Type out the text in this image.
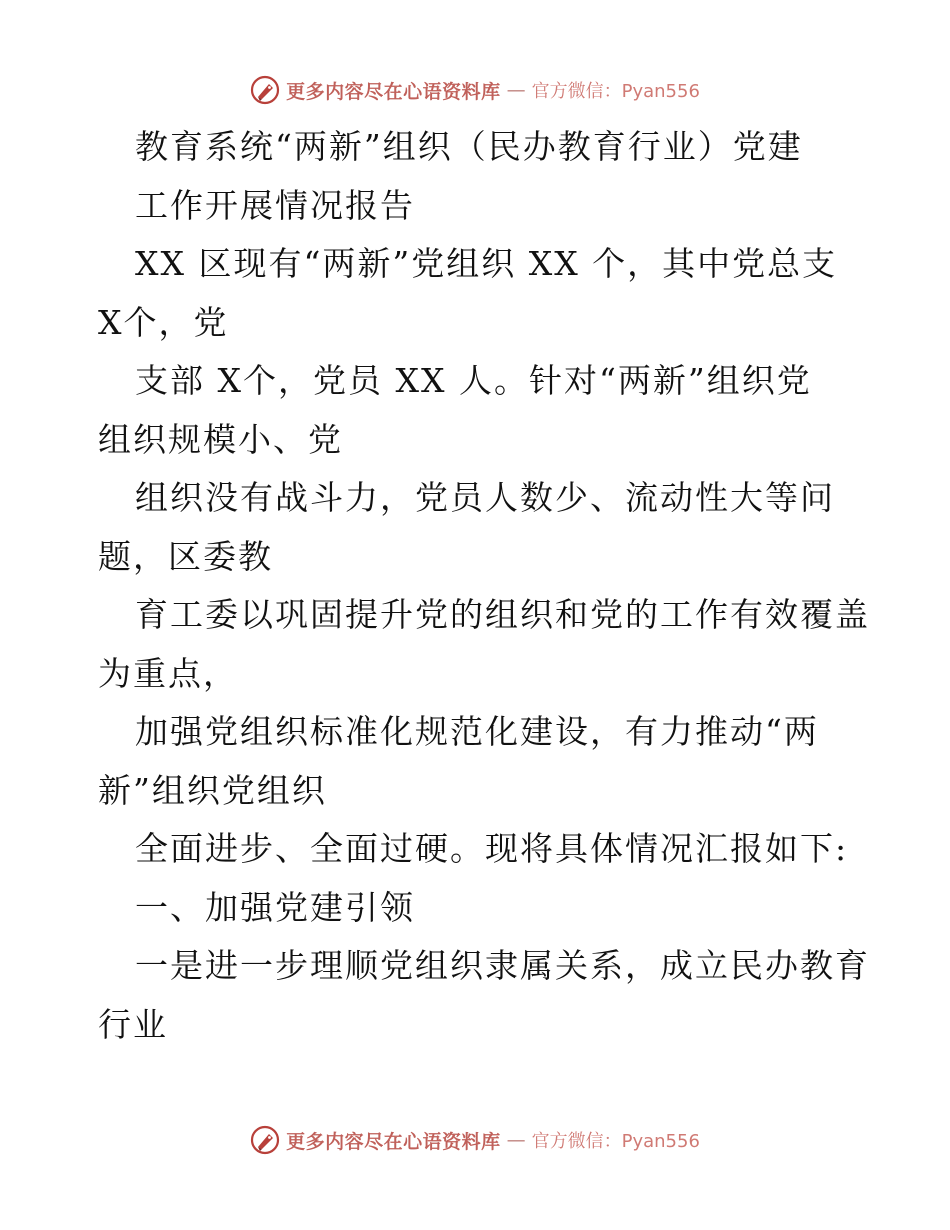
更多内容尽在心语资料库 — 官方微信：Pyan556
教育系统“两新”组织（民办教育行业）党建
工作开展情况报告
XX 区现有“两新”党组织 XX 个，其中党总支
X个，党
支部 X个，党员 XX 人。针对“两新”组织党
组织规模小、党
组织没有战斗力，党员人数少、流动性大等问
题，区委教
育工委以巩固提升党的组织和党的工作有效覆盖
为重点，
加强党组织标准化规范化建设，有力推动“两
新”组织党组织
全面进步、全面过硬。现将具体情况汇报如下:
一、加强党建引领
一是进一步理顺党组织隶属关系，成立民办教育
行业
更多内容尽在心语资料库 — 官方微信：Pyan556
